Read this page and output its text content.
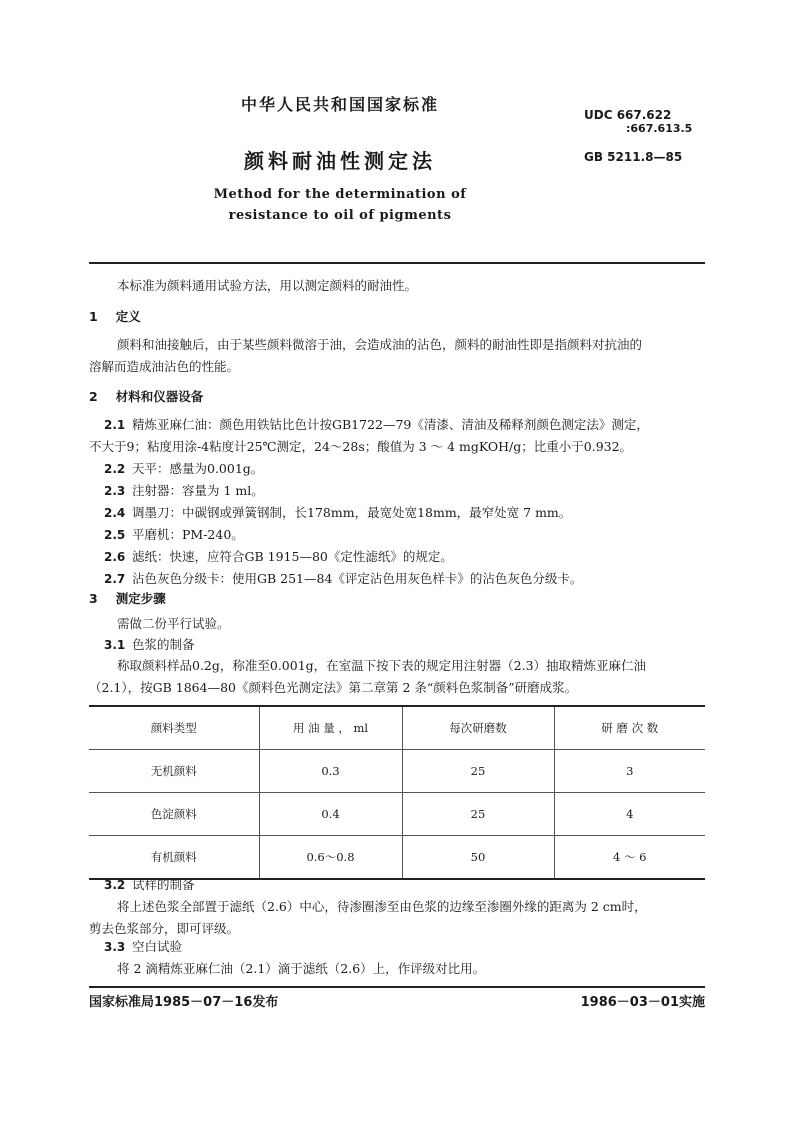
中华人民共和国国家标准
颜料耐油性测定法
Method for the determination of
resistance to oil of pigments
UDC 667.622
:667.613.5
GB 5211.8—85
本标准为颜料通用试验方法，用以测定颜料的耐油性。
1 定义
颜料和油接触后，由于某些颜料微溶于油，会造成油的沾色，颜料的耐油性即是指颜料对抗油的
溶解而造成油沾色的性能。
2 材料和仪器设备
2.1 精炼亚麻仁油：颜色用铁钴比色计按GB1722—79《清漆、清油及稀释剂颜色测定法》测定，
不大于9；粘度用涂-4粘度计25℃测定，24～28s；酸值为 3 ～ 4 mgKOH/g；比重小于0.932。
2.2 天平：感量为0.001g。
2.3 注射器：容量为 1 ml。
2.4 调墨刀：中碳钢或弹簧钢制，长178mm，最宽处宽18mm，最窄处宽 7 mm。
2.5 平磨机：PM-240。
2.6 滤纸：快速，应符合GB 1915—80《定性滤纸》的规定。
2.7 沾色灰色分级卡：使用GB 251—84《评定沾色用灰色样卡》的沾色灰色分级卡。
3 测定步骤
需做二份平行试验。
3.1 色浆的制备
称取颜料样品0.2g，称准至0.001g，在室温下按下表的规定用注射器（2.3）抽取精炼亚麻仁油
（2.1），按GB 1864—80《颜料色光测定法》第二章第 2 条“颜料色浆制备”研磨成浆。
颜料类型	用 油 量 ， ml	每次研磨数	研 磨 次 数
无机颜料	0.3	25	3
色淀颜料	0.4	25	4
有机颜料	0.6～0.8	50	4 ～ 6
3.2 试样的制备
将上述色浆全部置于滤纸（2.6）中心，待渗圈渗至由色浆的边缘至渗圈外缘的距离为 2 cm时，
剪去色浆部分，即可评级。
3.3 空白试验
将 2 滴精炼亚麻仁油（2.1）滴于滤纸（2.6）上，作评级对比用。
国家标准局1985－07－16发布	1986－03－01实施
